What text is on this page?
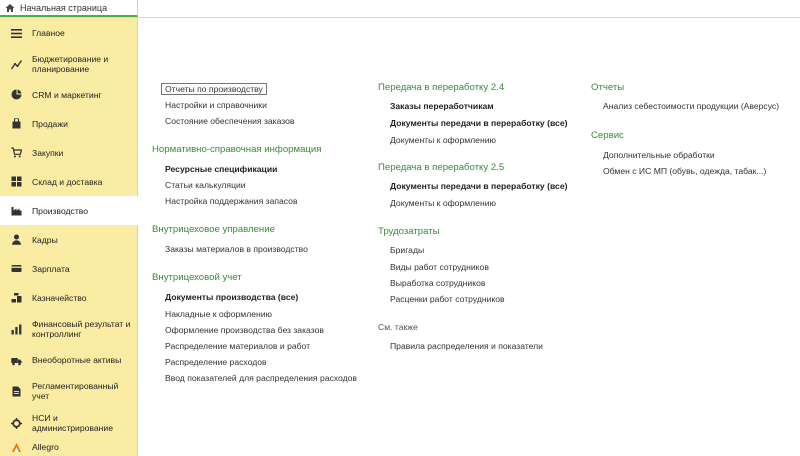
Начальная страница
Главное
Бюджетирование и планирование
CRM и маркетинг
Продажи
Закупки
Склад и доставка
Производство
Кадры
Зарплата
Казначейство
Финансовый результат и контроллинг
Внеоборотные активы
Регламентированный учет
НСИ и администрирование
Allegro
Отчеты по производству
Настройки и справочники
Состояние обеспечения заказов
Нормативно-справочная информация
Ресурсные спецификации
Статьи калькуляции
Настройка поддержания запасов
Внутрицеховое управление
Заказы материалов в производство
Внутрицеховой учет
Документы производства (все)
Накладные к оформлению
Оформление производства без заказов
Распределение материалов и работ
Распределение расходов
Ввод показателей для распределения расходов
Передача в переработку 2.4
Заказы переработчикам
Документы передачи в переработку (все)
Документы к оформлению
Передача в переработку 2.5
Документы передачи в переработку (все)
Документы к оформлению
Трудозатраты
Бригады
Виды работ сотрудников
Выработка сотрудников
Расценки работ сотрудников
См. также
Правила распределения и показатели
Отчеты
Анализ себестоимости продукции (Аверсус)
Сервис
Дополнительные обработки
Обмен с ИС МП (обувь, одежда, табак...)
